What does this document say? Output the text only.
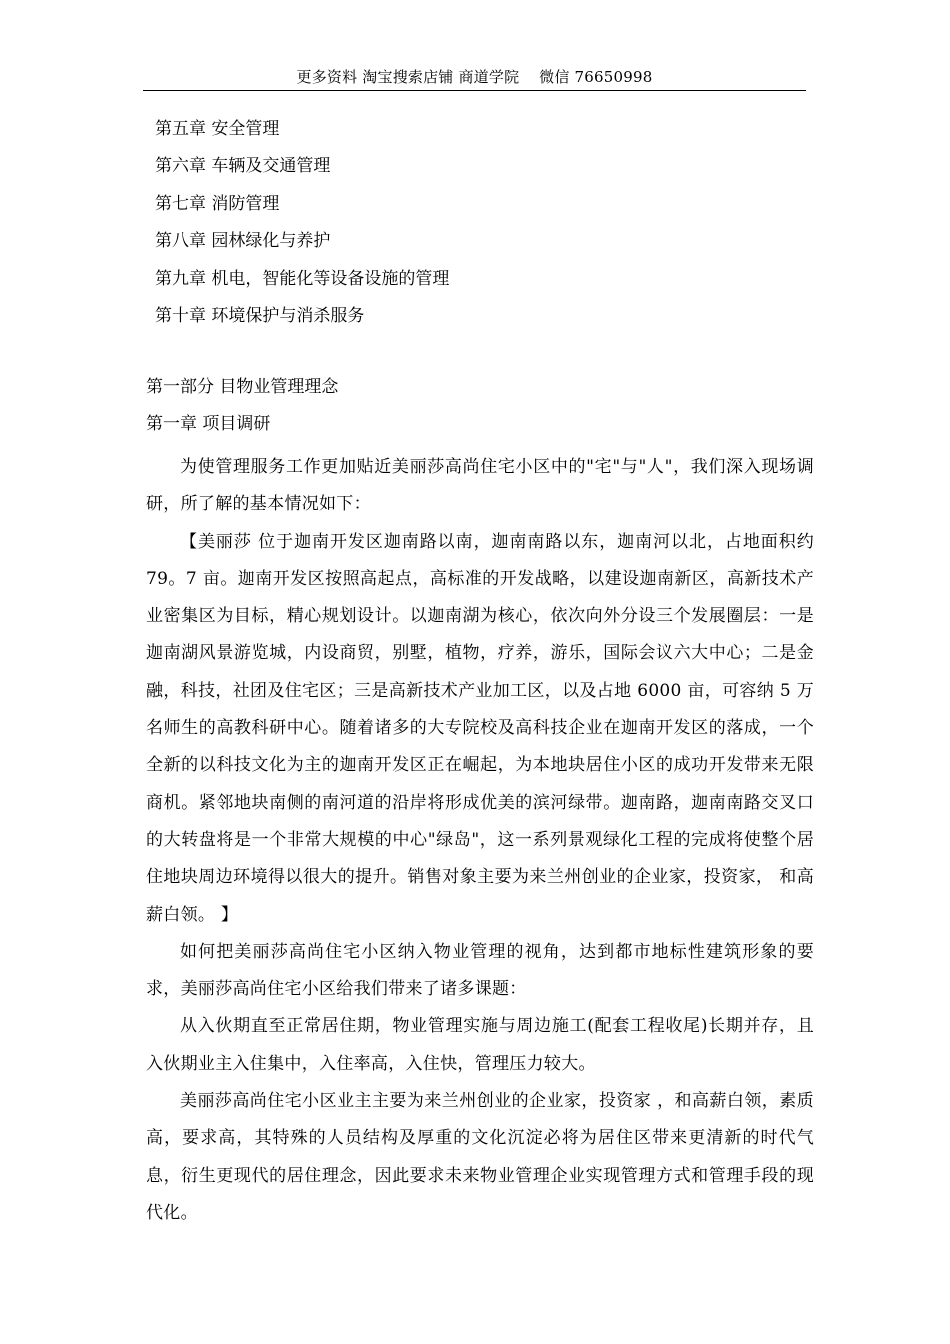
更多资料 淘宝搜索店铺 商道学院    微信 76650998
第五章 安全管理
第六章 车辆及交通管理
第七章 消防管理
第八章 园林绿化与养护
第九章 机电，智能化等设备设施的管理
第十章 环境保护与消杀服务
第一部分 目物业管理理念
第一章 项目调研

为使管理服务工作更加贴近美丽莎高尚住宅小区中的"宅"与"人"，我们深入现场调研，所了解的基本情况如下：

【美丽莎 位于迦南开发区迦南路以南，迦南南路以东，迦南河以北，占地面积约 79。7 亩。迦南开发区按照高起点，高标准的开发战略，以建设迦南新区，高新技术产业密集区为目标，精心规划设计。以迦南湖为核心，依次向外分设三个发展圈层：一是迦南湖风景游览城，内设商贸，别墅，植物，疗养，游乐，国际会议六大中心；二是金融，科技，社团及住宅区；三是高新技术产业加工区，以及占地 6000 亩，可容纳 5 万名师生的高教科研中心。随着诸多的大专院校及高科技企业在迦南开发区的落成，一个全新的以科技文化为主的迦南开发区正在崛起，为本地块居住小区的成功开发带来无限商机。紧邻地块南侧的南河道的沿岸将形成优美的滨河绿带。迦南路，迦南南路交叉口的大转盘将是一个非常大规模的中心"绿岛"，这一系列景观绿化工程的完成将使整个居住地块周边环境得以很大的提升。销售对象主要为来兰州创业的企业家，投资家， 和高薪白领。 】

如何把美丽莎高尚住宅小区纳入物业管理的视角，达到都市地标性建筑形象的要求，美丽莎高尚住宅小区给我们带来了诸多课题：

从入伙期直至正常居住期，物业管理实施与周边施工(配套工程收尾)长期并存，且入伙期业主入住集中，入住率高，入住快，管理压力较大。

美丽莎高尚住宅小区业主主要为来兰州创业的企业家，投资家 ，和高薪白领，素质高，要求高，其特殊的人员结构及厚重的文化沉淀必将为居住区带来更清新的时代气息，衍生更现代的居住理念，因此要求未来物业管理企业实现管理方式和管理手段的现代化。
